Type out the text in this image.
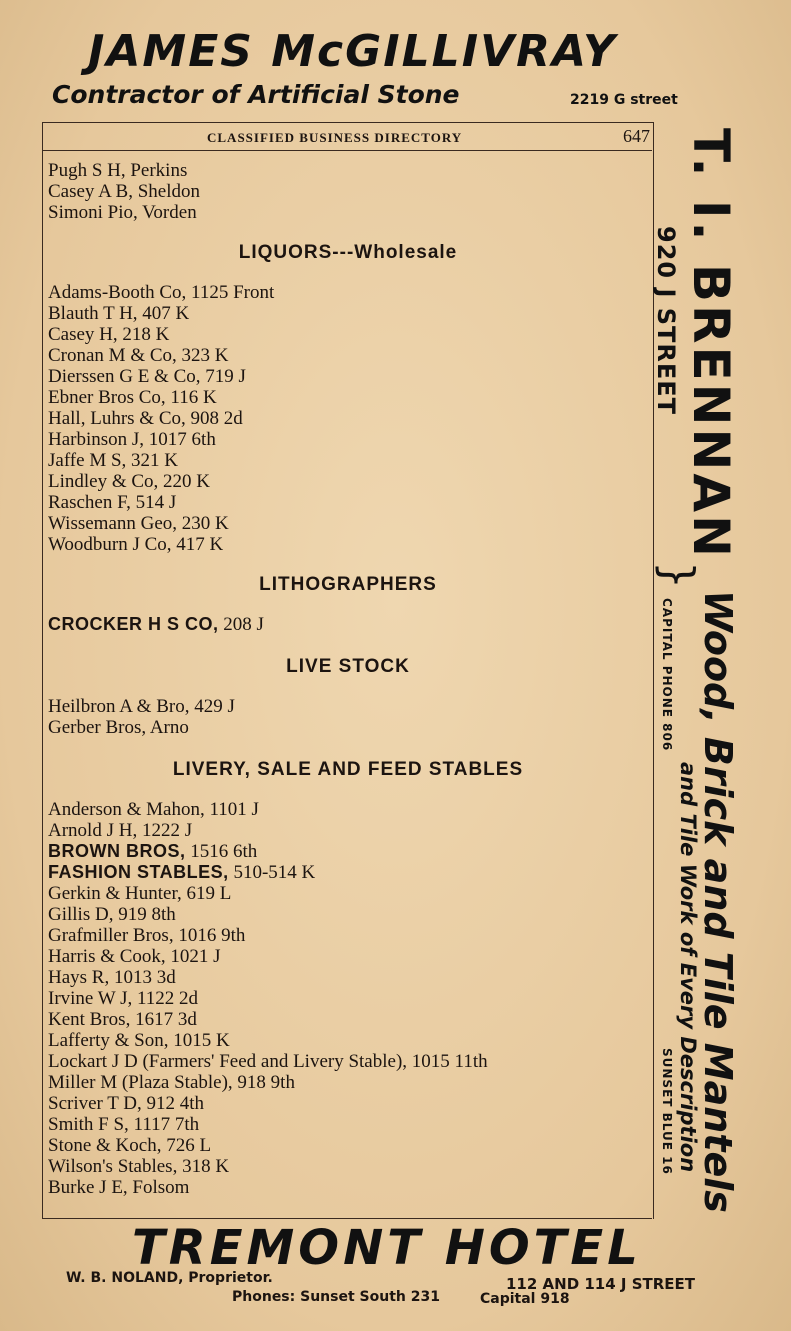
JAMES McGILLIVRAY
Contractor of Artificial Stone	2219 G street
CLASSIFIED BUSINESS DIRECTORY	647
Pugh S H, Perkins
Casey A B, Sheldon
Simoni Pio, Vorden
LIQUORS---Wholesale
Adams-Booth Co, 1125 Front
Blauth T H, 407 K
Casey H, 218 K
Cronan M & Co, 323 K
Dierssen G E & Co, 719 J
Ebner Bros Co, 116 K
Hall, Luhrs & Co, 908 2d
Harbinson J, 1017 6th
Jaffe M S, 321 K
Lindley & Co, 220 K
Raschen F, 514 J
Wissemann Geo, 230 K
Woodburn J Co, 417 K
LITHOGRAPHERS
CROCKER H S CO, 208 J
LIVE STOCK
Heilbron A & Bro, 429 J
Gerber Bros, Arno
LIVERY, SALE AND FEED STABLES
Anderson & Mahon, 1101 J
Arnold J H, 1222 J
BROWN BROS, 1516 6th
FASHION STABLES, 510-514 K
Gerkin & Hunter, 619 L
Gillis D, 919 8th
Grafmiller Bros, 1016 9th
Harris & Cook, 1021 J
Hays R, 1013 3d
Irvine W J, 1122 2d
Kent Bros, 1617 3d
Lafferty & Son, 1015 K
Lockart J D (Farmers' Feed and Livery Stable), 1015 11th
Miller M (Plaza Stable), 918 9th
Scriver T D, 912 4th
Smith F S, 1117 7th
Stone & Koch, 726 L
Wilson's Stables, 318 K
Burke J E, Folsom
T. I. BRENNAN
920 J STREET
}
CAPITAL PHONE 806 Wood, Brick and Tile Mantels
and Tile Work of Every Description
SUNSET BLUE 16
TREMONT HOTEL
W. B. NOLAND, Proprietor.
Phones: Sunset South 231
112 AND 114 J STREET
Capital 918
